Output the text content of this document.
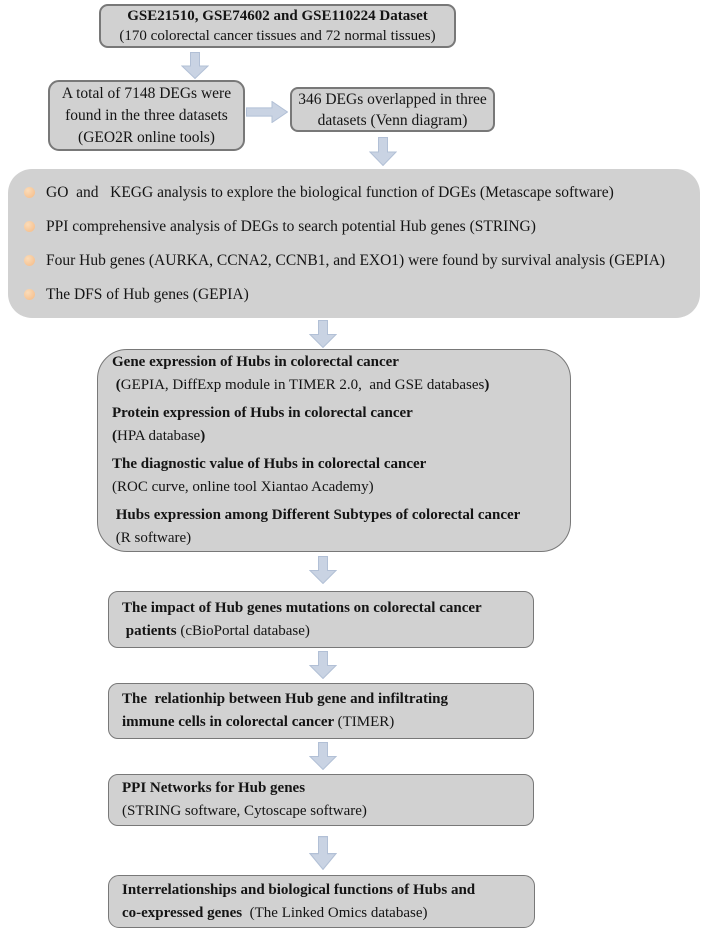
GSE21510, GSE74602 and GSE110224 Dataset
(170 colorectal cancer tissues and 72 normal tissues)
A total of 7148 DEGs were
found in the three datasets
(GEO2R online tools)
346 DEGs overlapped in three
datasets (Venn diagram)
GO  and   KEGG analysis to explore the biological function of DGEs (Metascape software)
PPI comprehensive analysis of DEGs to search potential Hub genes (STRING)
Four Hub genes (AURKA, CCNA2, CCNB1, and EXO1) were found by survival analysis (GEPIA)
The DFS of Hub genes (GEPIA)
Gene expression of Hubs in colorectal cancer
(GEPIA, DiffExp module in TIMER 2.0,  and GSE databases)
Protein expression of Hubs in colorectal cancer
(HPA database)
The diagnostic value of Hubs in colorectal cancer
(ROC curve, online tool Xiantao Academy)
Hubs expression among Different Subtypes of colorectal cancer
(R software)
The impact of Hub genes mutations on colorectal cancer
patients (cBioPortal database)
The  relationhip between Hub gene and infiltrating
immune cells in colorectal cancer (TIMER)
PPI Networks for Hub genes
(STRING software, Cytoscape software)
Interrelationships and biological functions of Hubs and
co-expressed genes  (The Linked Omics database)
